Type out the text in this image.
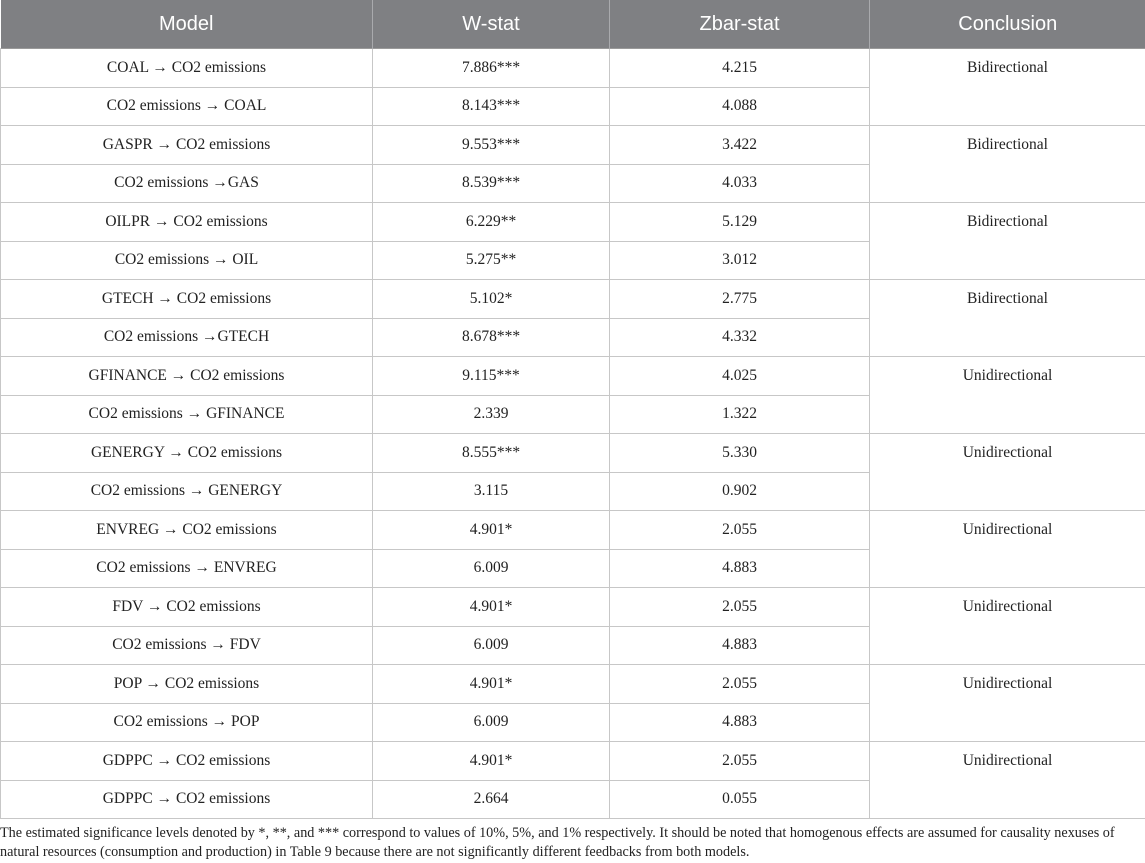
Model	W-stat	Zbar-stat	Conclusion
COAL → CO2 emissions	7.886***	4.215	Bidirectional
CO2 emissions → COAL	8.143***	4.088	
GASPR → CO2 emissions	9.553***	3.422	Bidirectional
CO2 emissions →GAS	8.539***	4.033	
OILPR → CO2 emissions	6.229**	5.129	Bidirectional
CO2 emissions → OIL	5.275**	3.012	
GTECH → CO2 emissions	5.102*	2.775	Bidirectional
CO2 emissions →GTECH	8.678***	4.332	
GFINANCE → CO2 emissions	9.115***	4.025	Unidirectional
CO2 emissions → GFINANCE	2.339	1.322	
GENERGY → CO2 emissions	8.555***	5.330	Unidirectional
CO2 emissions → GENERGY	3.115	0.902	
ENVREG → CO2 emissions	4.901*	2.055	Unidirectional
CO2 emissions → ENVREG	6.009	4.883	
FDV → CO2 emissions	4.901*	2.055	Unidirectional
CO2 emissions → FDV	6.009	4.883	
POP → CO2 emissions	4.901*	2.055	Unidirectional
CO2 emissions → POP	6.009	4.883	
GDPPC → CO2 emissions	4.901*	2.055	Unidirectional
GDPPC → CO2 emissions	2.664	0.055	

The estimated significance levels denoted by *, **, and *** correspond to values of 10%, 5%, and 1% respectively. It should be noted that homogenous effects are assumed for causality nexuses of natural resources (consumption and production) in Table 9 because there are not significantly different feedbacks from both models.
